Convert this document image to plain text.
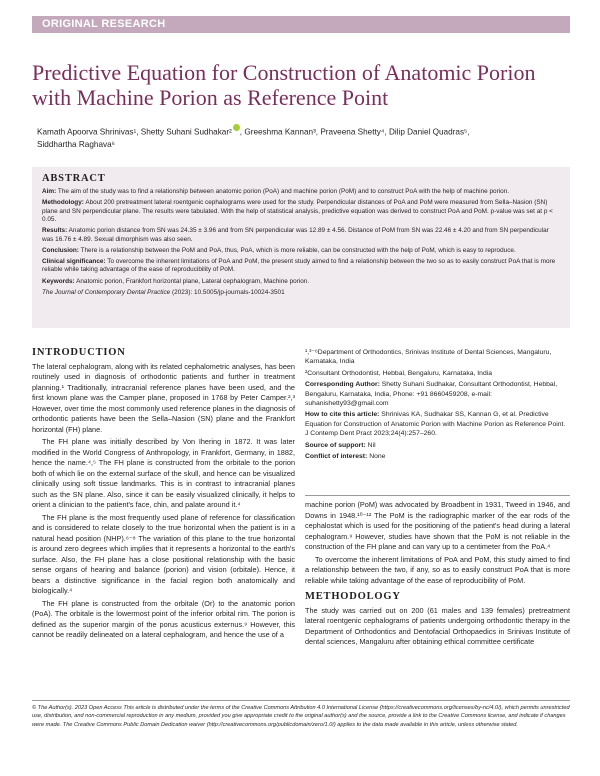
ORIGINAL RESEARCH
Predictive Equation for Construction of Anatomic Porion with Machine Porion as Reference Point
Kamath Apoorva Shrinivas¹, Shetty Suhani Sudhakar² , Greeshma Kannan³, Praveena Shetty⁴, Dilip Daniel Quadras⁵,
Siddhartha Raghava⁶
ABSTRACT

Aim: The aim of the study was to find a relationship between anatomic porion (PoA) and machine porion (PoM) and to construct PoA with the help of machine porion.

Methodology: About 200 pretreatment lateral roentgenic cephalograms were used for the study. Perpendicular distances of PoA and PoM were measured from Sella–Nasion (SN) plane and SN perpendicular plane. The results were tabulated. With the help of statistical analysis, predictive equation was derived to construct PoA and PoM. p-value was set at p < 0.05.

Results: Anatomic porion distance from SN was 24.35 ± 3.96 and from SN perpendicular was 12.89 ± 4.56. Distance of PoM from SN was 22.46 ± 4.20 and from SN perpendicular was 16.76 ± 4.89. Sexual dimorphism was also seen.

Conclusion: There is a relationship between the PoM and PoA, thus, PoA, which is more reliable, can be constructed with the help of PoM, which is easy to reproduce.

Clinical significance: To overcome the inherent limitations of PoA and PoM, the present study aimed to find a relationship between the two so as to easily construct PoA that is more reliable while taking advantage of the ease of reproducibility of PoM.

Keywords: Anatomic porion, Frankfort horizontal plane, Lateral cephalogram, Machine porion.

The Journal of Contemporary Dental Practice (2023): 10.5005/jp-journals-10024-3501

INTRODUCTION

The lateral cephalogram, along with its related cephalometric analyses, has been routinely used in diagnosis of orthodontic patients and further in treatment planning.¹ Traditionally, intracranial reference planes have been used, and the first known plane was the Camper plane, proposed in 1768 by Peter Camper.²,³ However, over time the most commonly used reference planes in the diagnosis of orthodontic patients have been the Sella–Nasion (SN) plane and the Frankfort horizontal (FH) plane.

The FH plane was initially described by Von Ihering in 1872. It was later modified in the World Congress of Anthropology, in Frankfort, Germany, in 1882, hence the name.⁴,⁵ The FH plane is constructed from the orbitale to the porion both of which lie on the external surface of the skull, and hence can be visualized clinically using soft tissue landmarks. This is in contrast to intracranial planes such as the SN plane. Also, since it can be easily visualized clinically, it helps to orient a clinician to the patient's face, chin, and palate around it.⁴

The FH plane is the most frequently used plane of reference for classification and is considered to relate closely to the true horizontal when the patient is in a natural head position (NHP).⁶⁻⁸ The variation of this plane to the true horizontal is around zero degrees which implies that it represents a horizontal to the earth's surface. Also, the FH plane has a close positional relationship with the basic sense organs of hearing and balance (porion) and vision (orbitale). Hence, it bears a distinctive significance in the facial region both anatomically and biologically.⁴

The FH plane is constructed from the orbitale (Or) to the anatomic porion (PoA). The orbitale is the lowermost point of the inferior orbital rim. The porion is defined as the superior margin of the porus acusticus externus.⁹ However, this cannot be readily delineated on a lateral cephalogram, and hence the use of a

¹,³⁻⁶Department of Orthodontics, Srinivas Institute of Dental Sciences, Mangaluru, Karnataka, India

²Consultant Orthodontist, Hebbal, Bengaluru, Karnataka, India

Corresponding Author: Shetty Suhani Sudhakar, Consultant Orthodontist, Hebbal, Bengaluru, Karnataka, India, Phone: +91 8660459208, e-mail: suhanishetty93@gmail.com

How to cite this article: Shrinivas KA, Sudhakar SS, Kannan G, et al. Predictive Equation for Construction of Anatomic Porion with Machine Porion as Reference Point. J Contemp Dent Pract 2023;24(4):257–260.

Source of support: Nil

Conflict of interest: None

machine porion (PoM) was advocated by Broadbent in 1931, Tweed in 1946, and Downs in 1948.¹⁰⁻¹² The PoM is the radiographic marker of the ear rods of the cephalostat which is used for the positioning of the patient's head during a lateral cephalogram.⁹ However, studies have shown that the PoM is not reliable in the construction of the FH plane and can vary up to a centimeter from the PoA.⁴

To overcome the inherent limitations of PoA and PoM, this study aimed to find a relationship between the two, if any, so as to easily construct PoA that is more reliable while taking advantage of the ease of reproducibility of PoM.

METHODOLOGY

The study was carried out on 200 (61 males and 139 females) pretreatment lateral roentgenic cephalograms of patients undergoing orthodontic therapy in the Department of Orthodontics and Dentofacial Orthopaedics in Srinivas Institute of dental sciences, Mangaluru after obtaining ethical committee certificate

© The Author(s). 2023 Open Access This article is distributed under the terms of the Creative Commons Attribution 4.0 International License (https://creativecommons.org/licenses/by-nc/4.0/), which permits unrestricted use, distribution, and non-commercial reproduction in any medium, provided you give appropriate credit to the original author(s) and the source, provide a link to the Creative Commons license, and indicate if changes were made. The Creative Commons Public Domain Dedication waiver (http://creativecommons.org/publicdomain/zero/1.0/) applies to the data made available in this article, unless otherwise stated.
